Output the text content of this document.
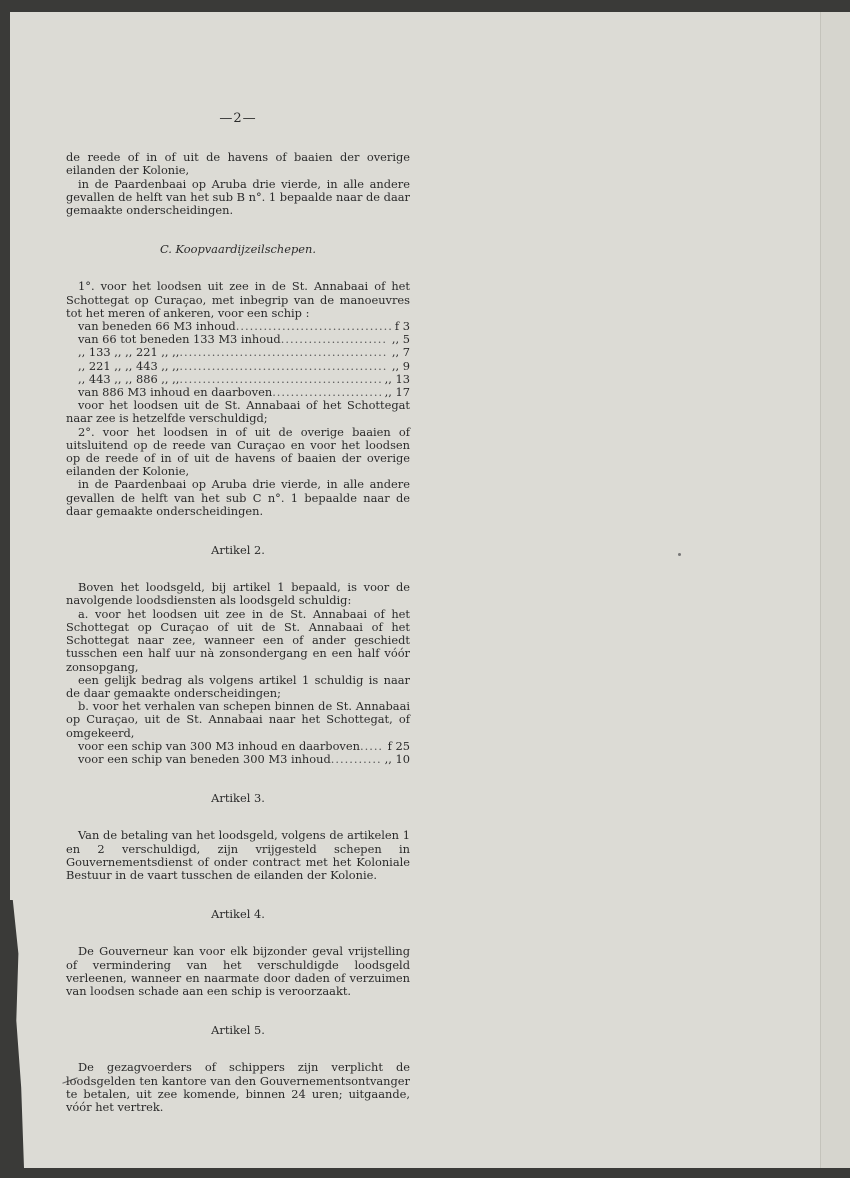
—2—

de reede of in of uit de havens of baaien der overige eilanden der Kolonie,

in de Paardenbaai op Aruba drie vierde, in alle andere gevallen de helft van het sub B n°. 1 bepaalde naar de daar gemaakte onderscheidingen.

C. Koopvaardijzeilschepen.

1°. voor het loodsen uit zee in de St. Annabaai of het Schottegat op Curaçao, met inbegrip van de manoeuvres tot het meren of ankeren, voor een schip :

van beneden 66 M3 inhoud .....	f 3
van 66 tot beneden 133 M3 inhoud .....	,, 5
,, 133 ,, ,, 221 ,, ,, .....	,, 7
,, 221 ,, ,, 443 ,, ,, .....	,, 9
,, 443 ,, ,, 886 ,, ,, .....	,, 13
van 886 M3 inhoud en daarboven .....	,, 17

voor het loodsen uit de St. Annabaai of het Schottegat naar zee is hetzelfde verschuldigd;

2°. voor het loodsen in of uit de overige baaien of uitsluitend op de reede van Curaçao en voor het loodsen op de reede of in of uit de havens of baaien der overige eilanden der Kolonie,

in de Paardenbaai op Aruba drie vierde, in alle andere gevallen de helft van het sub C n°. 1 bepaalde naar de daar gemaakte onderscheidingen.

Artikel 2.

Boven het loodsgeld, bij artikel 1 bepaald, is voor de navolgende loodsdiensten als loodsgeld schuldig:

a. voor het loodsen uit zee in de St. Annabaai of het Schottegat op Curaçao of uit de St. Annabaai of het Schottegat naar zee, wanneer een of ander geschiedt tusschen een half uur nà zonsondergang en een half vóór zonsopgang,

een gelijk bedrag als volgens artikel 1 schuldig is naar de daar gemaakte onderscheidingen;

b. voor het verhalen van schepen binnen de St. Annabaai op Curaçao, uit de St. Annabaai naar het Schottegat, of omgekeerd,

voor een schip van 300 M3 inhoud en daarboven .....	f 25
voor een schip van beneden 300 M3 inhoud .....	,, 10
Artikel 3.

Van de betaling van het loodsgeld, volgens de artikelen 1 en 2 verschuldigd, zijn vrijgesteld schepen in Gouvernementsdienst of onder contract met het Koloniale Bestuur in de vaart tusschen de eilanden der Kolonie.

Artikel 4.

De Gouverneur kan voor elk bijzonder geval vrijstelling of vermindering van het verschuldigde loodsgeld verleenen, wanneer en naarmate door daden of verzuimen van loodsen schade aan een schip is veroorzaakt.

Artikel 5.

De gezagvoerders of schippers zijn verplicht de loodsgelden ten kantore van den Gouvernementsontvanger te betalen, uit zee komende, binnen 24 uren; uitgaande, vóór het vertrek.
